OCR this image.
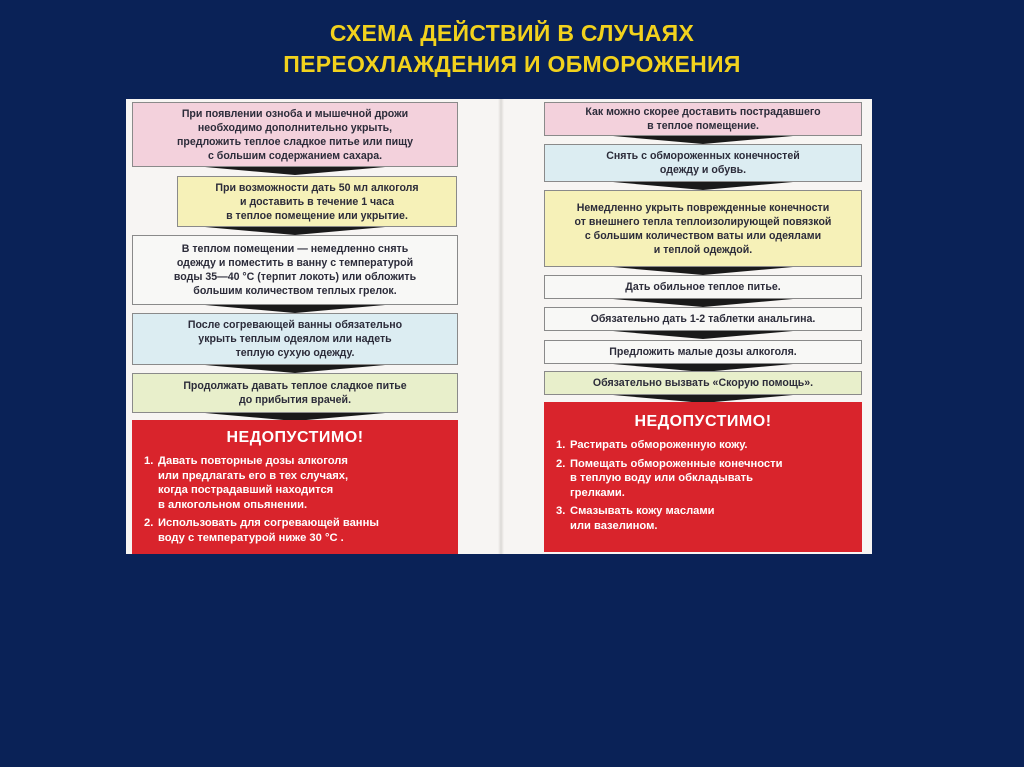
СХЕМА ДЕЙСТВИЙ В СЛУЧАЯХ
ПЕРЕОХЛАЖДЕНИЯ И ОБМОРОЖЕНИЯ
При появлении озноба и мышечной дрожи
необходимо дополнительно укрыть,
предложить теплое сладкое питье или пищу
с большим содержанием сахара.
При возможности дать 50 мл алкоголя
и доставить в течение 1 часа
в теплое помещение или укрытие.
В теплом помещении — немедленно снять
одежду и поместить в ванну с температурой
воды 35—40 °С (терпит локоть) или обложить
большим количеством теплых грелок.
После согревающей ванны обязательно
укрыть теплым одеялом или надеть
теплую сухую одежду.
Продолжать давать теплое сладкое питье
до прибытия врачей.
НЕДОПУСТИМО!
1. Давать повторные дозы алкоголя
или предлагать его в тех случаях,
когда пострадавший находится
в алкогольном опьянении.
2. Использовать для согревающей ванны
воду с температурой ниже 30 °С .
Как можно скорее доставить пострадавшего
в теплое помещение.
Снять с обмороженных конечностей
одежду и обувь.
Немедленно укрыть поврежденные конечности
от внешнего тепла теплоизолирующей повязкой
с большим количеством ваты или одеялами
и теплой одеждой.
Дать обильное теплое питье.
Обязательно дать 1-2 таблетки анальгина.
Предложить малые дозы алкоголя.
Обязательно вызвать «Скорую помощь».
НЕДОПУСТИМО!
1. Растирать обмороженную кожу.
2. Помещать обмороженные конечности
в теплую воду или обкладывать
грелками.
3. Смазывать кожу маслами
или вазелином.
